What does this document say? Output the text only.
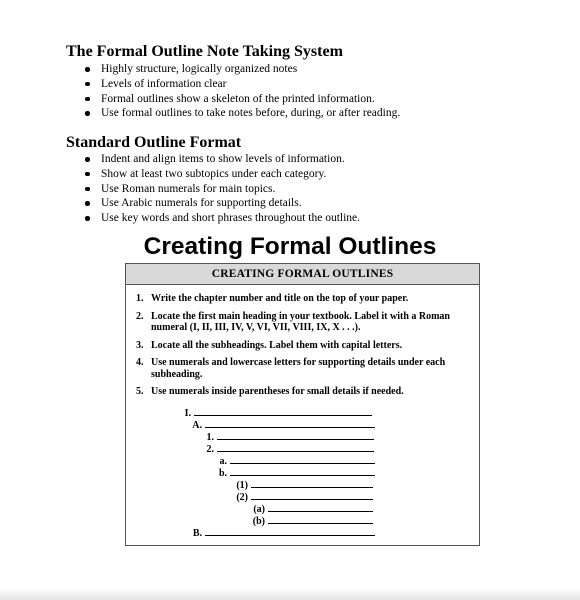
The Formal Outline Note Taking System
Highly structure, logically organized notes
Levels of information clear
Formal outlines show a skeleton of the printed information.
Use formal outlines to take notes before, during, or after reading.
Standard Outline Format
Indent and align items to show levels of information.
Show at least two subtopics under each category.
Use Roman numerals for main topics.
Use Arabic numerals for supporting details.
Use key words and short phrases throughout the outline.
Creating Formal Outlines
CREATING FORMAL OUTLINES
1. Write the chapter number and title on the top of your paper.
2. Locate the first main heading in your textbook. Label it with a Roman numeral (I, II, III, IV, V, VI, VII, VIII, IX, X . . .).
3. Locate all the subheadings. Label them with capital letters.
4. Use numerals and lowercase letters for supporting details under each subheading.
5. Use numerals inside parentheses for small details if needed.
I.
A.
1.
2.
a.
b.
(1)
(2)
(a)
(b)
B.
